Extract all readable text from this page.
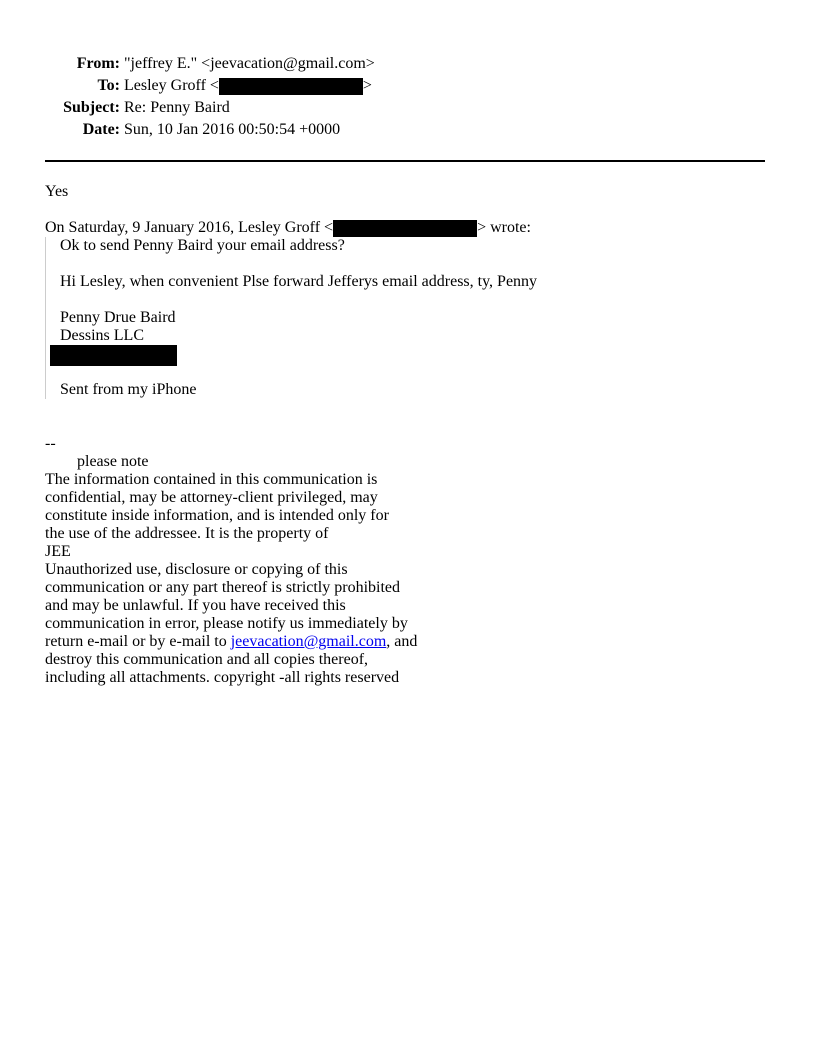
From: "jeffrey E." <jeevacation@gmail.com>
To: Lesley Groff <	>
Subject: Re: Penny Baird
Date: Sun, 10 Jan 2016 00:50:54 +0000
Yes
On Saturday, 9 January 2016, Lesley Groff <	> wrote:
Ok to send Penny Baird your email address?
Hi Lesley, when convenient Plse forward Jefferys email address, ty, Penny
Penny Drue Baird
Dessins LLC
Sent from my iPhone
--
please note
The information contained in this communication is
confidential, may be attorney-client privileged, may
constitute inside information, and is intended only for
the use of the addressee. It is the property of
JEE
Unauthorized use, disclosure or copying of this
communication or any part thereof is strictly prohibited
and may be unlawful. If you have received this
communication in error, please notify us immediately by
return e-mail or by e-mail to jeevacation@gmail.com, and
destroy this communication and all copies thereof,
including all attachments. copyright -all rights reserved
